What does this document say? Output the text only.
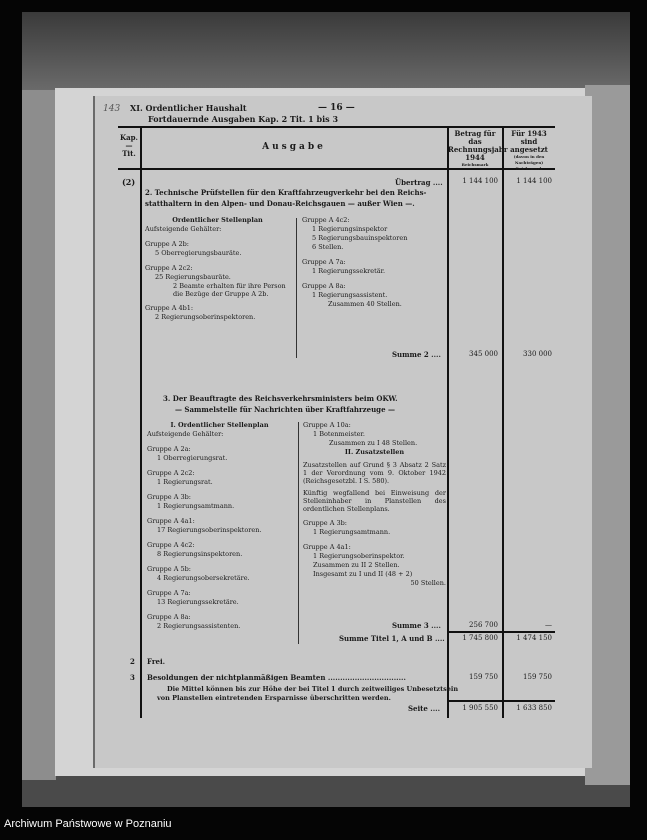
143 XI. Ordentlicher Haushalt	— 16 —
Fortdauernde Ausgaben Kap. 2 Tit. 1 bis 3
Kap.
—
Tit.
Ausgabe
Betrag für das Rechnungsjahr 1944
Reichsmark
Für 1943 sind angesetzt
(davon in den Nachträgen)
Reichsmark
(2)	Übertrag ....	1 144 100	1 144 100
2. Technische Prüfstellen für den Kraftfahrzeugverkehr bei den Reichs-
statthaltern in den Alpen- und Donau-Reichsgauen — außer Wien —.
Ordentlicher Stellenplan
Aufsteigende Gehälter:
Gruppe A 2b:
5 Oberregierungsbauräte.
Gruppe A 2c2:
25 Regierungsbauräte.
2 Beamte erhalten für ihre Person die Bezüge der Gruppe A 2b.
Gruppe A 4b1:
2 Regierungsoberinspektoren.
Gruppe A 4c2:
1 Regierungsinspektor
5 Regierungsbauinspektoren
6 Stellen.
Gruppe A 7a:
1 Regierungssekretär.
Gruppe A 8a:
1 Regierungsassistent.
Zusammen 40 Stellen.
Summe 2 ....	345 000	330 000
3. Der Beauftragte des Reichsverkehrsministers beim OKW.
— Sammelstelle für Nachrichten über Kraftfahrzeuge —
I. Ordentlicher Stellenplan
Aufsteigende Gehälter:
Gruppe A 2a:
1 Oberregierungsrat.
Gruppe A 2c2:
1 Regierungsrat.
Gruppe A 3b:
1 Regierungsamtmann.
Gruppe A 4a1:
17 Regierungsoberinspektoren.
Gruppe A 4c2:
8 Regierungsinspektoren.
Gruppe A 5b:
4 Regierungsobersekretäre.
Gruppe A 7a:
13 Regierungssekretäre.
Gruppe A 8a:
2 Regierungsassistenten.
Gruppe A 10a:
1 Botenmeister.
Zusammen zu I 48 Stellen.
II. Zusatzstellen
Zusatzstellen auf Grund § 3 Absatz 2 Satz 1 der Verordnung vom 9. Oktober 1942 (Reichsgesetzbl. I S. 580).
Künftig wegfallend bei Einweisung der Stelleninhaber in Planstellen des ordentlichen Stellenplans.
Gruppe A 3b:
1 Regierungsamtmann.
Gruppe A 4a1:
1 Regierungsoberinspektor.
Zusammen zu II 2 Stellen.
Insgesamt zu I und II (48 + 2)
50 Stellen.
Summe 3 ....	256 700	—
Summe Titel 1, A und B ....	1 745 800	1 474 150
2 Frei.
3 Besoldungen der nichtplanmäßigen Beamten ................................	159 750	159 750
Die Mittel können bis zur Höhe der bei Titel 1 durch zeitweiliges Unbesetztsein
von Planstellen eintretenden Ersparnisse überschritten werden.
Seite ....	1 905 550	1 633 850
Archiwum Państwowe w Poznaniu
